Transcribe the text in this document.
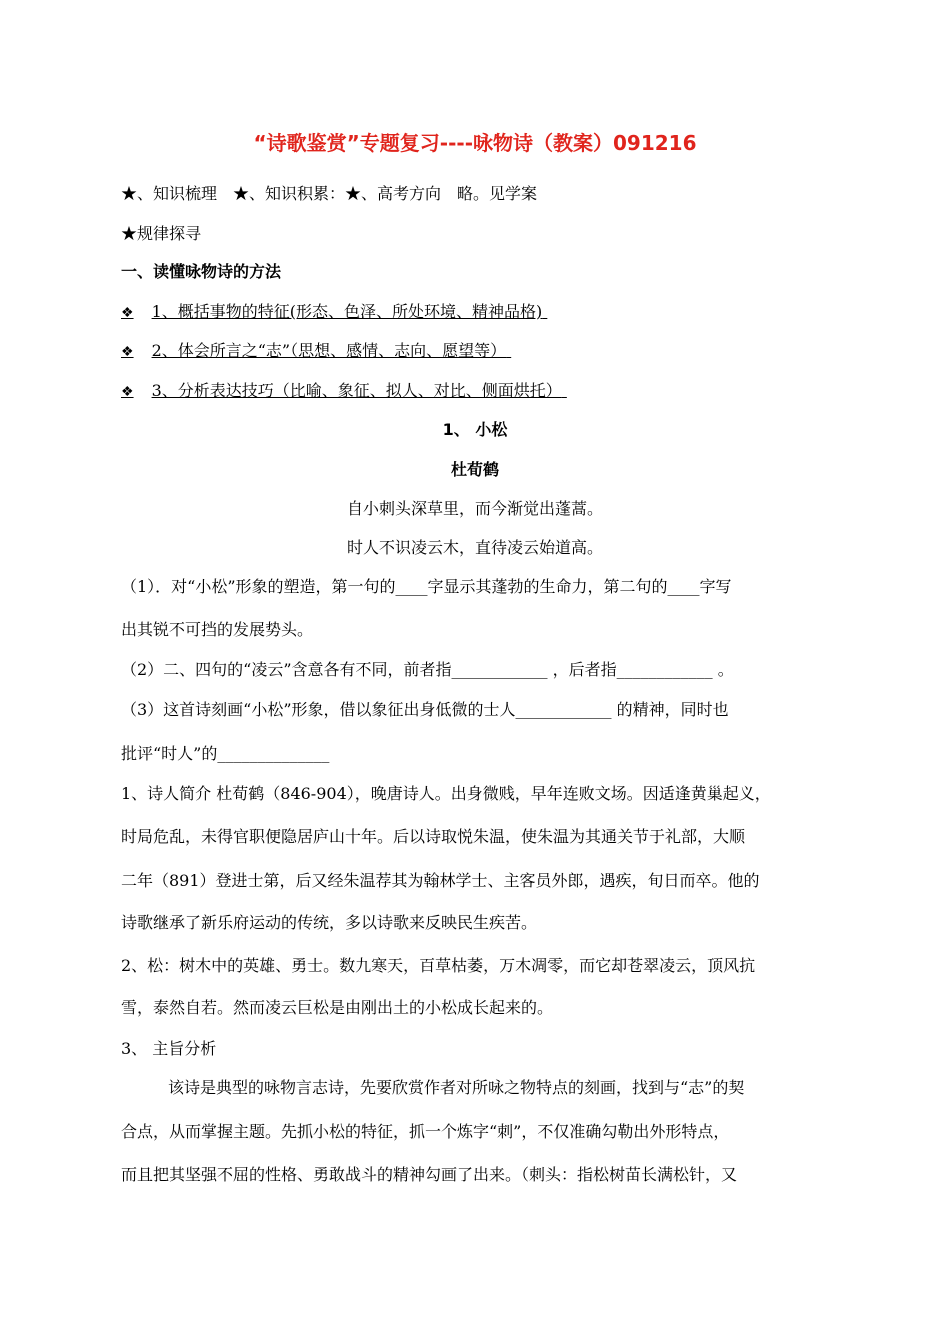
“诗歌鉴赏”专题复习----咏物诗（教案）091216
★、知识梳理　★、知识积累：★、高考方向　略。见学案
★规律探寻
一、读懂咏物诗的方法
❖ 1、概括事物的特征(形态、色泽、所处环境、精神品格)
❖ 2、体会所言之“志”（思想、感情、志向、愿望等）
❖ 3、分析表达技巧（比喻、象征、拟人、对比、侧面烘托）
1、 小松
杜荀鹤
自小刺头深草里，而今渐觉出蓬蒿。
时人不识凌云木，直待凌云始道高。
（1）．对“小松”形象的塑造，第一句的____字显示其蓬勃的生命力，第二句的____字写
出其锐不可挡的发展势头。
（2）二、四句的“凌云”含意各有不同，前者指____________ ，后者指____________ 。
（3）这首诗刻画“小松”形象，借以象征出身低微的士人____________ 的精神，同时也
批评“时人”的______________
1、诗人简介 杜荀鹤（846-904），晚唐诗人。出身微贱，早年连败文场。因适逢黄巢起义，
时局危乱，未得官职便隐居庐山十年。后以诗取悦朱温，使朱温为其通关节于礼部，大顺
二年（891）登进士第，后又经朱温荐其为翰林学士、主客员外郎，遇疾，旬日而卒。他的
诗歌继承了新乐府运动的传统，多以诗歌来反映民生疾苦。
2、松：树木中的英雄、勇士。数九寒天，百草枯萎，万木凋零，而它却苍翠凌云，顶风抗
雪，泰然自若。然而凌云巨松是由刚出土的小松成长起来的。
3、 主旨分析
该诗是典型的咏物言志诗，先要欣赏作者对所咏之物特点的刻画，找到与“志”的契
合点，从而掌握主题。先抓小松的特征，抓一个炼字“刺”，不仅准确勾勒出外形特点，
而且把其坚强不屈的性格、勇敢战斗的精神勾画了出来。（刺头：指松树苗长满松针，又
